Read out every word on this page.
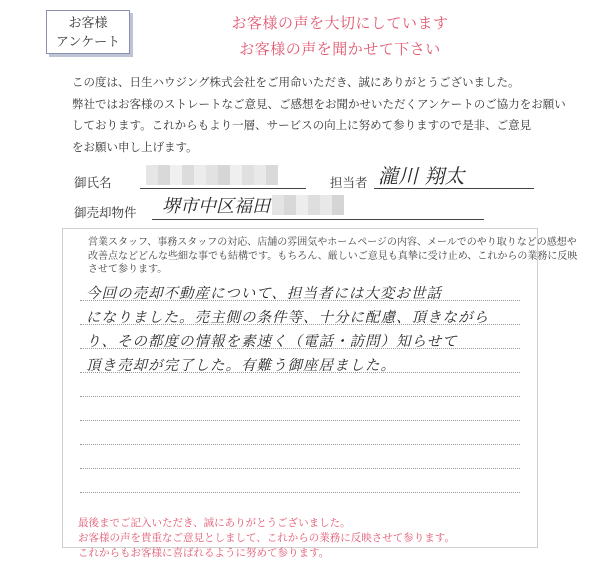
お客様
アンケート
お客様の声を大切にしています
お客様の声を聞かせて下さい

この度は、日生ハウジング株式会社をご用命いただき、誠にありがとうございました。

弊社ではお客様のストレートなご意見、ご感想をお聞かせいただくアンケートのご協力をお願い

しております。これからもより一層、サービスの向上に努めて参りますので是非、ご意見

をお願い申し上げます。

御氏名	担当者 瀧川 翔太
御売却物件 堺市中区福田

営業スタッフ、事務スタッフの対応、店舗の雰囲気やホームページの内容、メールでのやり取りなどの感想や

改善点などどんな些細な事でも結構です。もちろん、厳しいご意見も真摯に受け止め、これからの業務に反映

させて参ります。

今回の売却不動産について、担当者には大変お世話
になりました。売主側の条件等、十分に配慮、頂きながら
り、その都度の情報を素速く（電話・訪問）知らせて
頂き売却が完了した。有難う御座居ました。

最後までご記入いただき、誠にありがとうございました。

お客様の声を貴重なご意見としまして、これからの業務に反映させて参ります。

これからもお客様に喜ばれるように努めて参ります。
